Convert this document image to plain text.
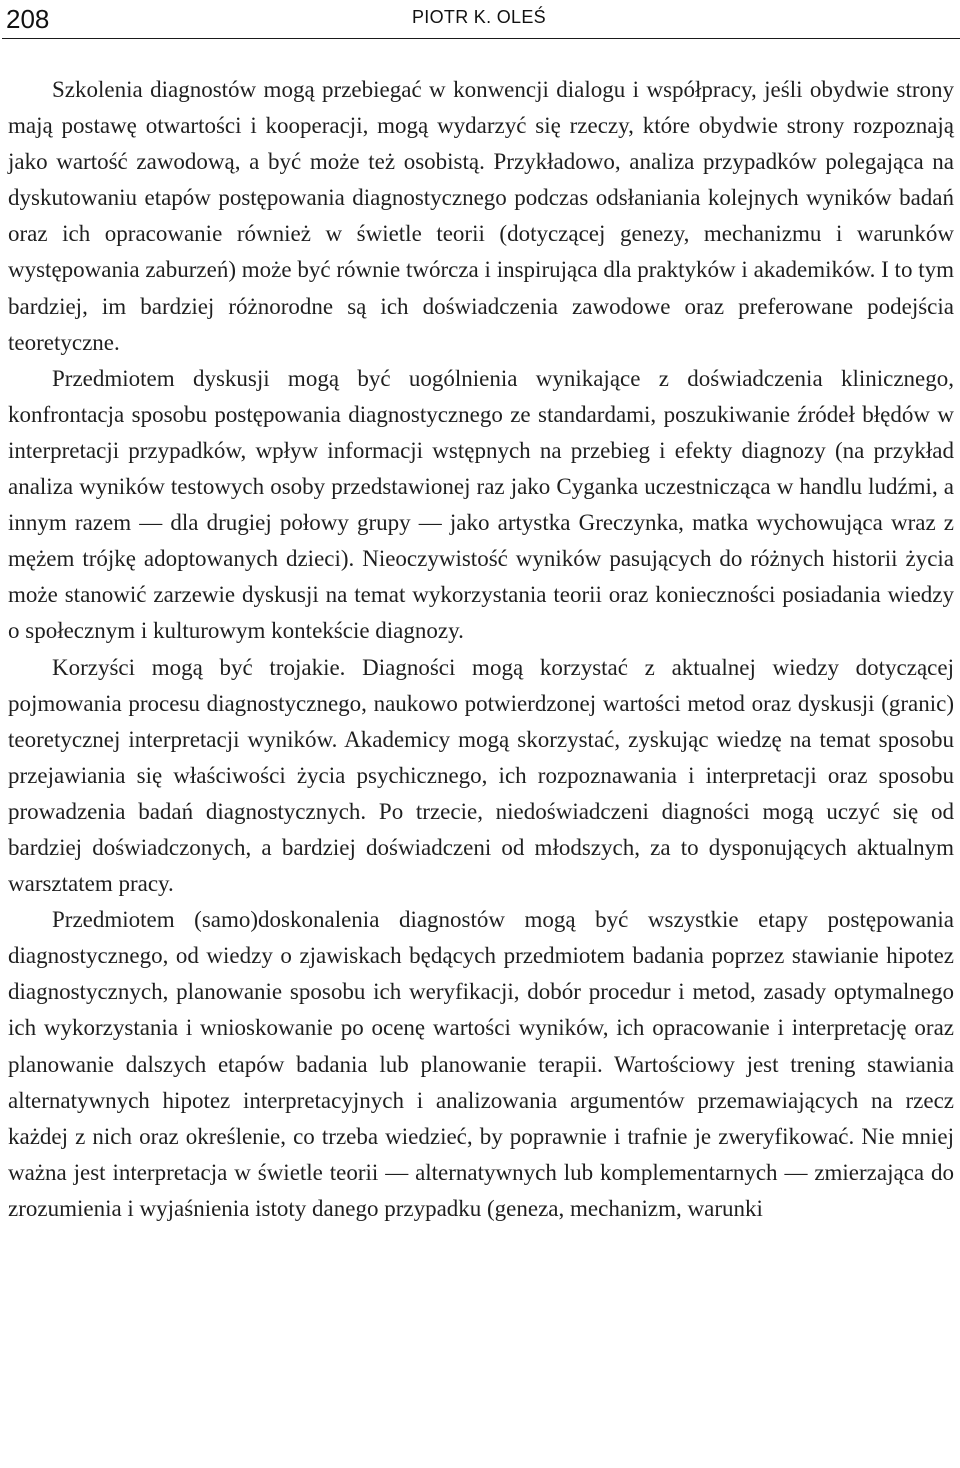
208	PIOTR K. OLEŚ

Szkolenia diagnostów mogą przebiegać w konwencji dialogu i współpracy, jeśli obydwie strony mają postawę otwartości i kooperacji, mogą wydarzyć się rzeczy, które obydwie strony rozpoznają jako wartość zawodową, a być może też osobistą. Przykładowo, analiza przypadków polegająca na dyskutowaniu etapów postępowania diagnostycznego podczas odsłaniania kolejnych wyników badań oraz ich opracowanie również w świetle teorii (dotyczącej genezy, mechanizmu i warunków występowania zaburzeń) może być równie twórcza i inspirująca dla praktyków i akademików. I to tym bardziej, im bardziej różnorodne są ich doświadczenia zawodowe oraz preferowane podejścia teoretyczne.

Przedmiotem dyskusji mogą być uogólnienia wynikające z doświadczenia klinicznego, konfrontacja sposobu postępowania diagnostycznego ze standardami, poszukiwanie źródeł błędów w interpretacji przypadków, wpływ informacji wstępnych na przebieg i efekty diagnozy (na przykład analiza wyników testowych osoby przedstawionej raz jako Cyganka uczestnicząca w handlu ludźmi, a innym razem — dla drugiej połowy grupy — jako artystka Greczynka, matka wychowująca wraz z mężem trójkę adoptowanych dzieci). Nieoczywistość wyników pasujących do różnych historii życia może stanowić zarzewie dyskusji na temat wykorzystania teorii oraz konieczności posiadania wiedzy o społecznym i kulturowym kontekście diagnozy.

Korzyści mogą być trojakie. Diagności mogą korzystać z aktualnej wiedzy dotyczącej pojmowania procesu diagnostycznego, naukowo potwierdzonej wartości metod oraz dyskusji (granic) teoretycznej interpretacji wyników. Akademicy mogą skorzystać, zyskując wiedzę na temat sposobu przejawiania się właściwości życia psychicznego, ich rozpoznawania i interpretacji oraz sposobu prowadzenia badań diagnostycznych. Po trzecie, niedoświadczeni diagności mogą uczyć się od bardziej doświadczonych, a bardziej doświadczeni od młodszych, za to dysponujących aktualnym warsztatem pracy.

Przedmiotem (samo)doskonalenia diagnostów mogą być wszystkie etapy postępowania diagnostycznego, od wiedzy o zjawiskach będących przedmiotem badania poprzez stawianie hipotez diagnostycznych, planowanie sposobu ich weryfikacji, dobór procedur i metod, zasady optymalnego ich wykorzystania i wnioskowanie po ocenę wartości wyników, ich opracowanie i interpretację oraz planowanie dalszych etapów badania lub planowanie terapii. Wartościowy jest trening stawiania alternatywnych hipotez interpretacyjnych i analizowania argumentów przemawiających na rzecz każdej z nich oraz określenie, co trzeba wiedzieć, by poprawnie i trafnie je zweryfikować. Nie mniej ważna jest interpretacja w świetle teorii — alternatywnych lub komplementarnych — zmierzająca do zrozumienia i wyjaśnienia istoty danego przypadku (geneza, mechanizm, warunki
